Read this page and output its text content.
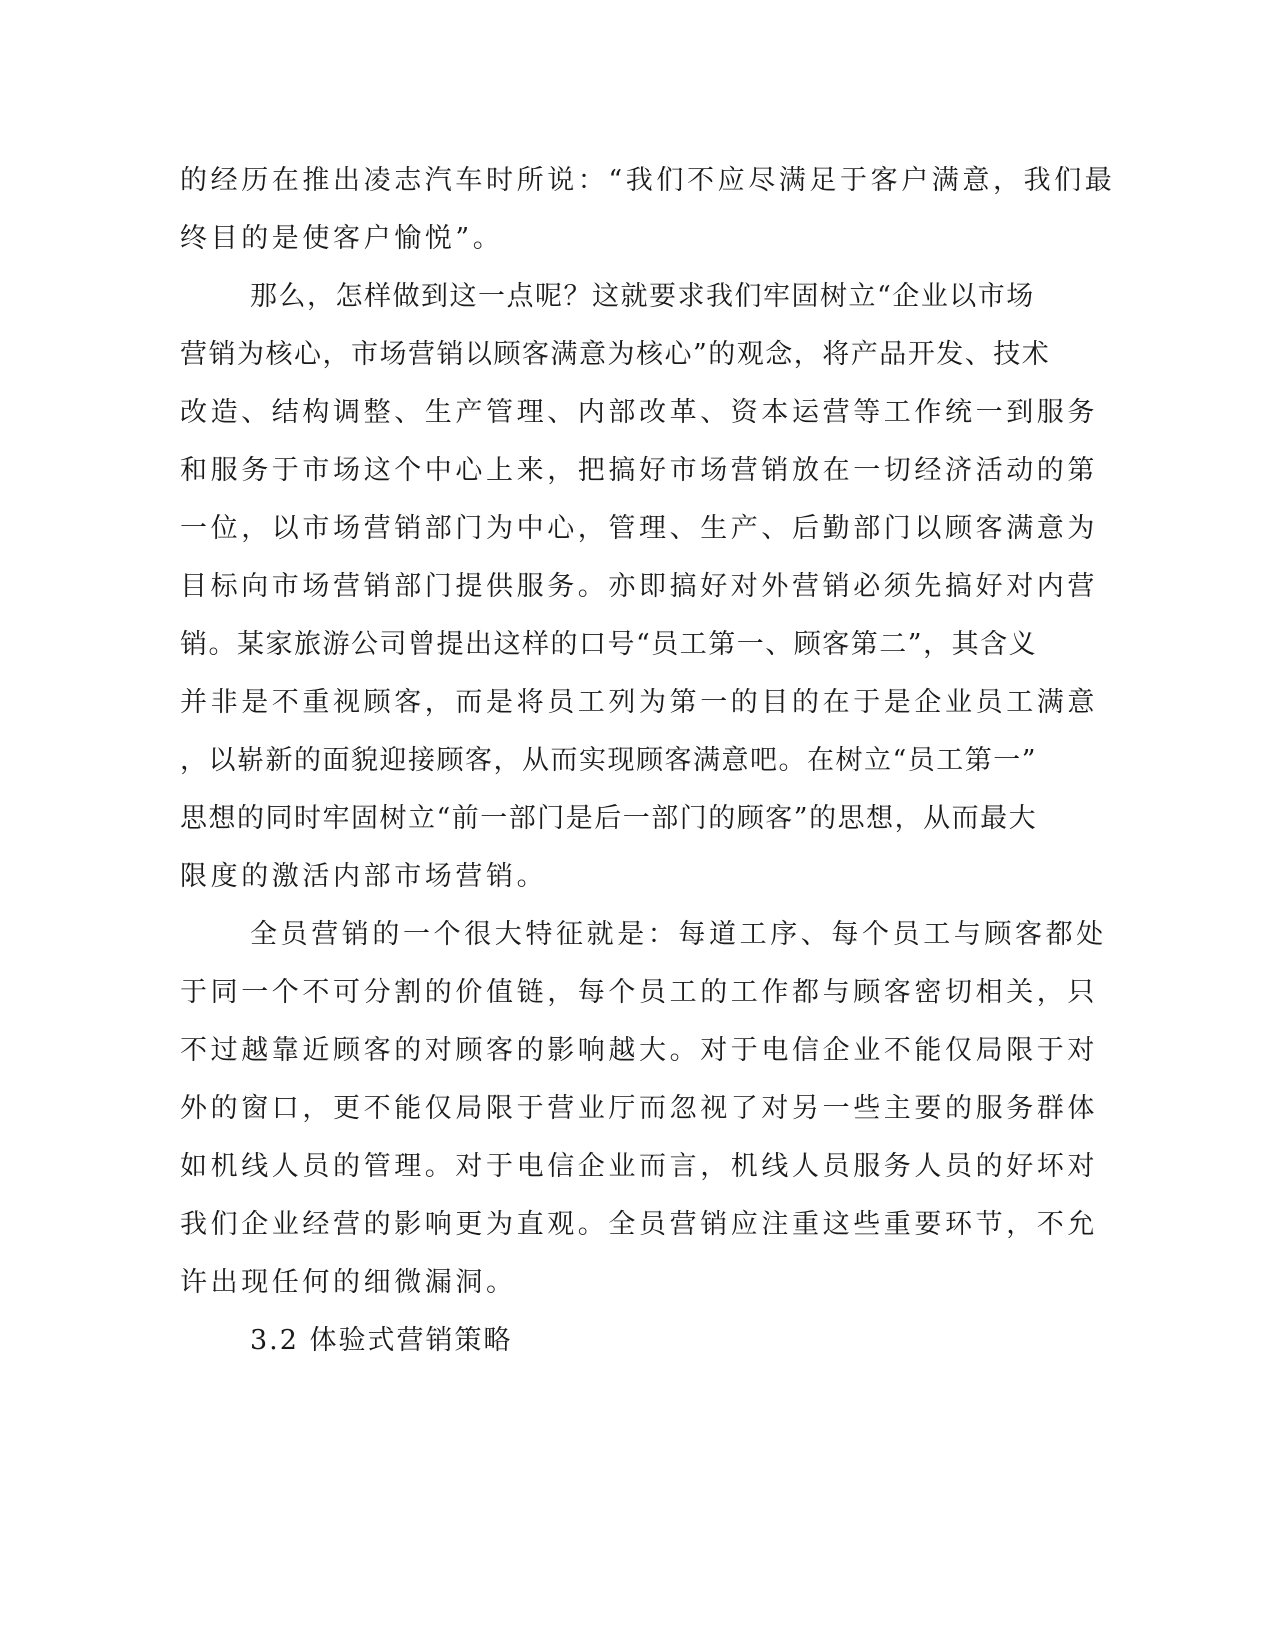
的经历在推出凌志汽车时所说：“我们不应尽满足于客户满意，我们最
终目的是使客户愉悦”。
那么，怎样做到这一点呢？这就要求我们牢固树立“企业以市场
营销为核心，市场营销以顾客满意为核心”的观念，将产品开发、技术
改造、结构调整、生产管理、内部改革、资本运营等工作统一到服务
和服务于市场这个中心上来，把搞好市场营销放在一切经济活动的第
一位，以市场营销部门为中心，管理、生产、后勤部门以顾客满意为
目标向市场营销部门提供服务。亦即搞好对外营销必须先搞好对内营
销。某家旅游公司曾提出这样的口号“员工第一、顾客第二”，其含义
并非是不重视顾客，而是将员工列为第一的目的在于是企业员工满意
，以崭新的面貌迎接顾客，从而实现顾客满意吧。在树立“员工第一”
思想的同时牢固树立“前一部门是后一部门的顾客”的思想，从而最大
限度的激活内部市场营销。
全员营销的一个很大特征就是：每道工序、每个员工与顾客都处
于同一个不可分割的价值链，每个员工的工作都与顾客密切相关，只
不过越靠近顾客的对顾客的影响越大。对于电信企业不能仅局限于对
外的窗口，更不能仅局限于营业厅而忽视了对另一些主要的服务群体
如机线人员的管理。对于电信企业而言，机线人员服务人员的好坏对
我们企业经营的影响更为直观。全员营销应注重这些重要环节，不允
许出现任何的细微漏洞。
3.2 体验式营销策略
